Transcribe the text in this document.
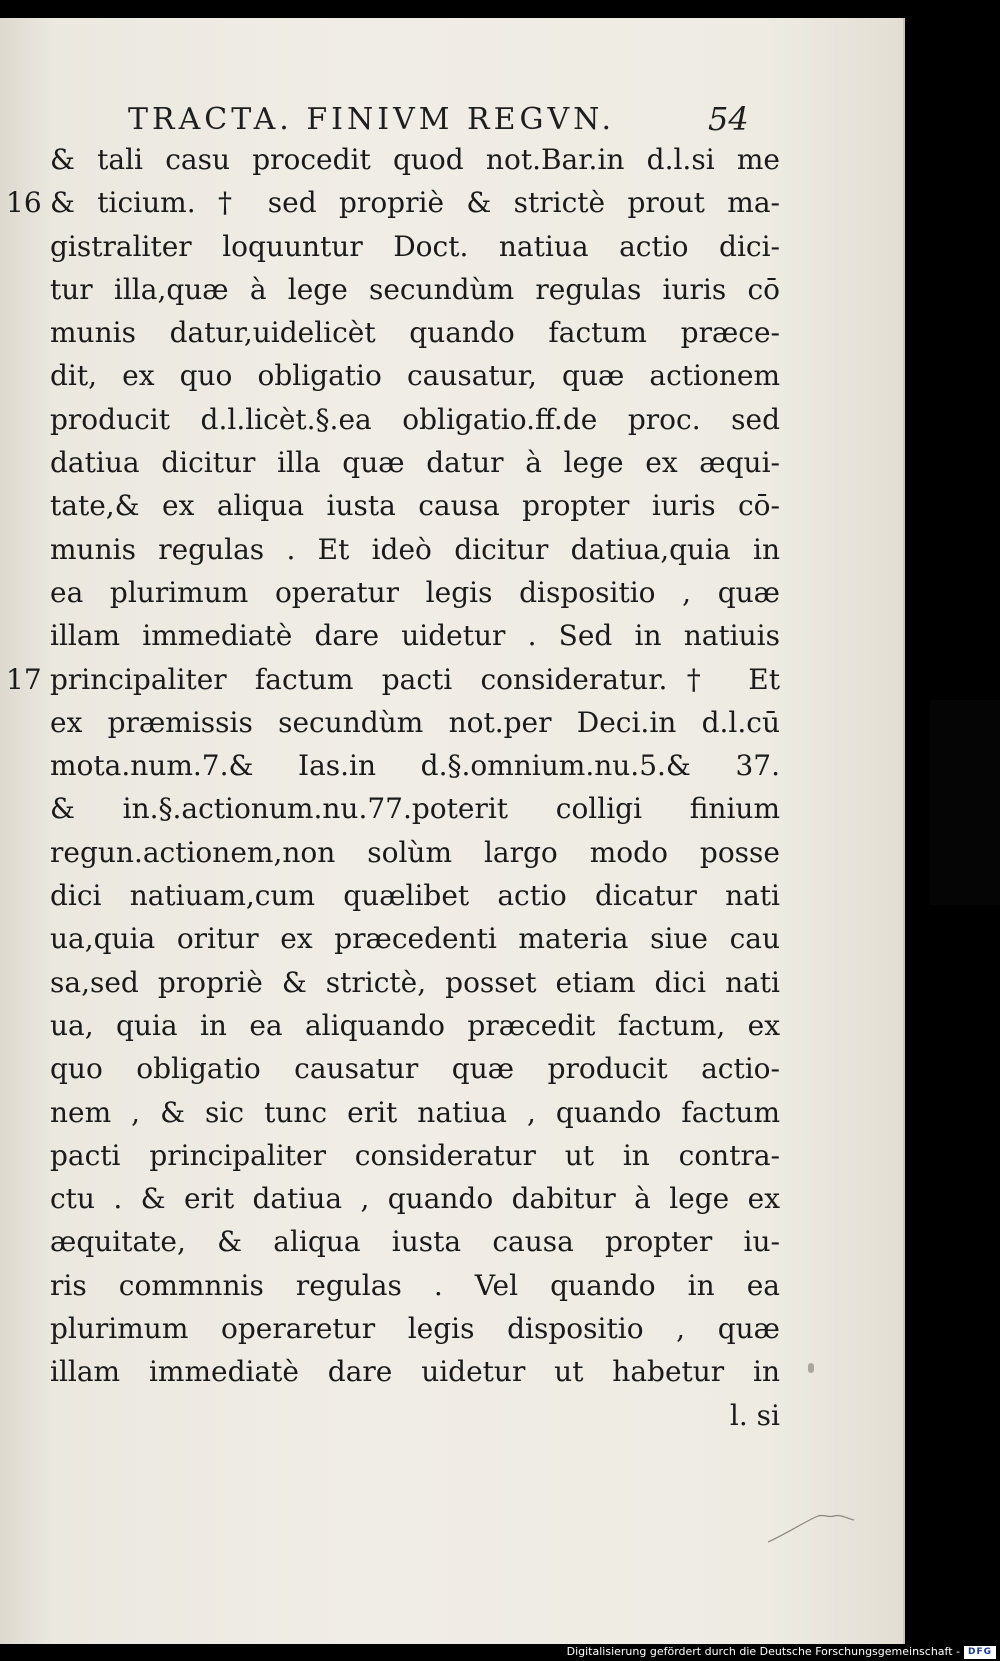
TRACTA. FINIVM REGVN.	54
& tali casu procedit quod not.Bar.in d.l.si me
16 & ticium. † sed propriè & strictè prout ma-
gistraliter loquuntur Doct. natiua actio dici-
tur illa,quæ à lege secundùm regulas iuris cō
munis datur,uidelicèt quando factum præce-
dit, ex quo obligatio causatur, quæ actionem
producit d.l.licèt.§.ea obligatio.ff.de proc. sed
datiua dicitur illa quæ datur à lege ex æqui-
tate,& ex aliqua iusta causa propter iuris cō-
munis regulas . Et ideò dicitur datiua,quia in
ea plurimum operatur legis dispositio , quæ
illam immediatè dare uidetur . Sed in natiuis
17 principaliter factum pacti consideratur.† Et
ex præmissis secundùm not.per Deci.in d.l.cū
mota.num.7.& Ias.in d.§.omnium.nu.5.& 37.
& in.§.actionum.nu.77.poterit colligi finium
regun.actionem,non solùm largo modo posse
dici natiuam,cum quælibet actio dicatur nati
ua,quia oritur ex præcedenti materia siue cau
sa,sed propriè & strictè, posset etiam dici nati
ua, quia in ea aliquando præcedit factum, ex
quo obligatio causatur quæ producit actio-
nem , & sic tunc erit natiua , quando factum
pacti principaliter consideratur ut in contra-
ctu . & erit datiua , quando dabitur à lege ex
æquitate, & aliqua iusta causa propter iu-
ris commnnis regulas . Vel quando in ea
plurimum operaretur legis dispositio , quæ
illam immediatè dare uidetur ut habetur in
l. si
Digitalisierung gefördert durch die Deutsche Forschungsgemeinschaft - DFG
